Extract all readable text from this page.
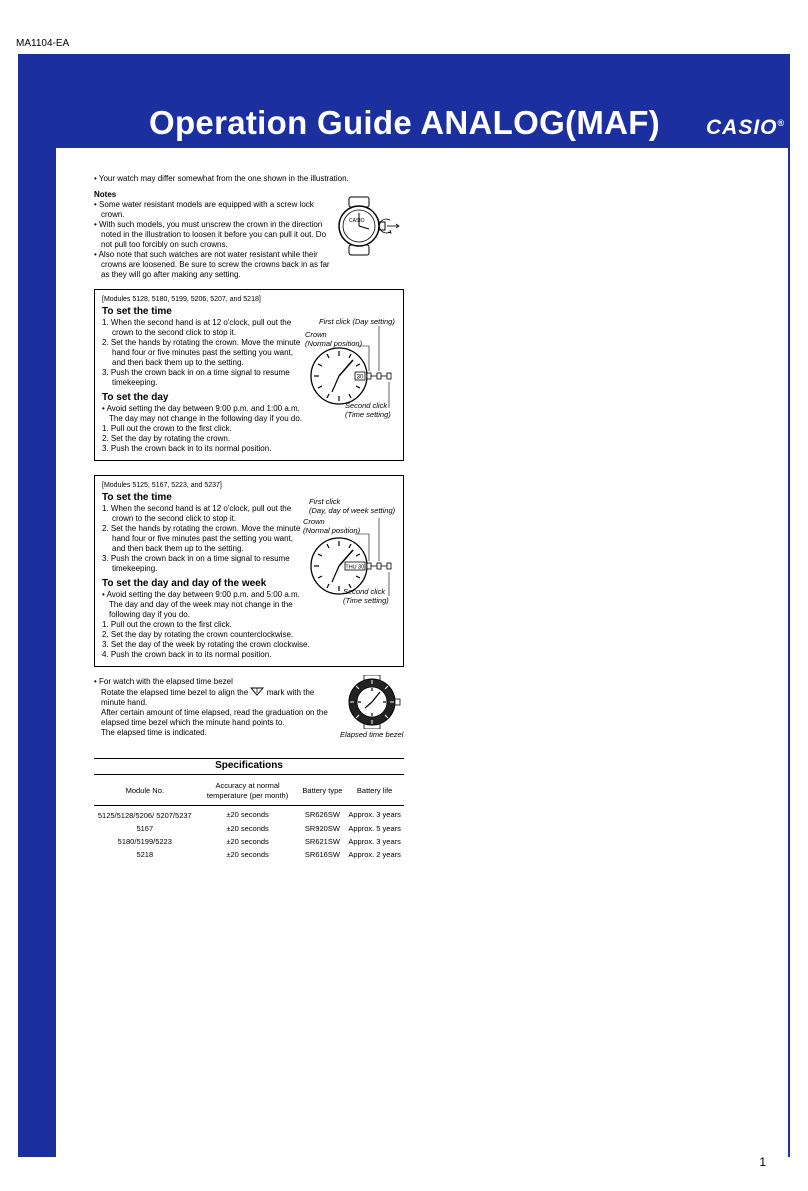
MA1104-EA
Operation Guide ANALOG(MAF) CASIO®

• Your watch may differ somewhat from the one shown in the illustration.

Notes

• Some water resistant models are equipped with a screw lock crown.
• With such models, you must unscrew the crown in the direction noted in the illustration to loosen it before you can pull it out. Do not pull too forcibly on such crowns.
• Also note that such watches are not water resistant while their crowns are loosened. Be sure to screw the crowns back in as far as they will go after making any setting.
CASIO
[Modules 5128, 5180, 5199, 5206, 5207, and 5218]
To set the time
1. When the second hand is at 12 o'clock, pull out the crown to the second click to stop it.
2. Set the hands by rotating the crown. Move the minute hand four or five minutes past the setting you want, and then back them up to the setting.
3. Push the crown back in on a time signal to resume timekeeping.
To set the day
• Avoid setting the day between 9:00 p.m. and 1:00 a.m. The day may not change in the following day if you do.
1. Pull out the crown to the first click.
2. Set the day by rotating the crown.
3. Push the crown back in to its normal position.
First click (Day setting)
Crown
(Normal position)
30
Second click
(Time setting)
[Modules 5125, 5167, 5223, and 5237]
To set the time
1. When the second hand is at 12 o'clock, pull out the crown to the second click to stop it.
2. Set the hands by rotating the crown. Move the minute hand four or five minutes past the setting you want, and then back them up to the setting.
3. Push the crown back in on a time signal to resume timekeeping.
To set the day and day of the week
• Avoid setting the day between 9:00 p.m. and 5:00 a.m. The day and day of the week may not change in the following day if you do.
1. Pull out the crown to the first click.
2. Set the day by rotating the crown counterclockwise.
3. Set the day of the week by rotating the crown clockwise.
4. Push the crown back in to its normal position.
First click
(Day, day of week setting)
Crown
(Normal position)
THU 30
Second click
(Time setting)
• For watch with the elapsed time bezel
Rotate the elapsed time bezel to align the mark with the minute hand.
After certain amount of time elapsed, read the graduation on the elapsed time bezel which the minute hand points to.
The elapsed time is indicated.	Elapsed time bezel
Specifications
Module No.	Accuracy at normal temperature (per month)	Battery type	Battery life
5125/5128/5206/ 5207/5237	±20 seconds	SR626SW	Approx. 3 years
5167	±20 seconds	SR920SW	Approx. 5 years
5180/5199/5223	±20 seconds	SR621SW	Approx. 3 years
5218	±20 seconds	SR616SW	Approx. 2 years
1
